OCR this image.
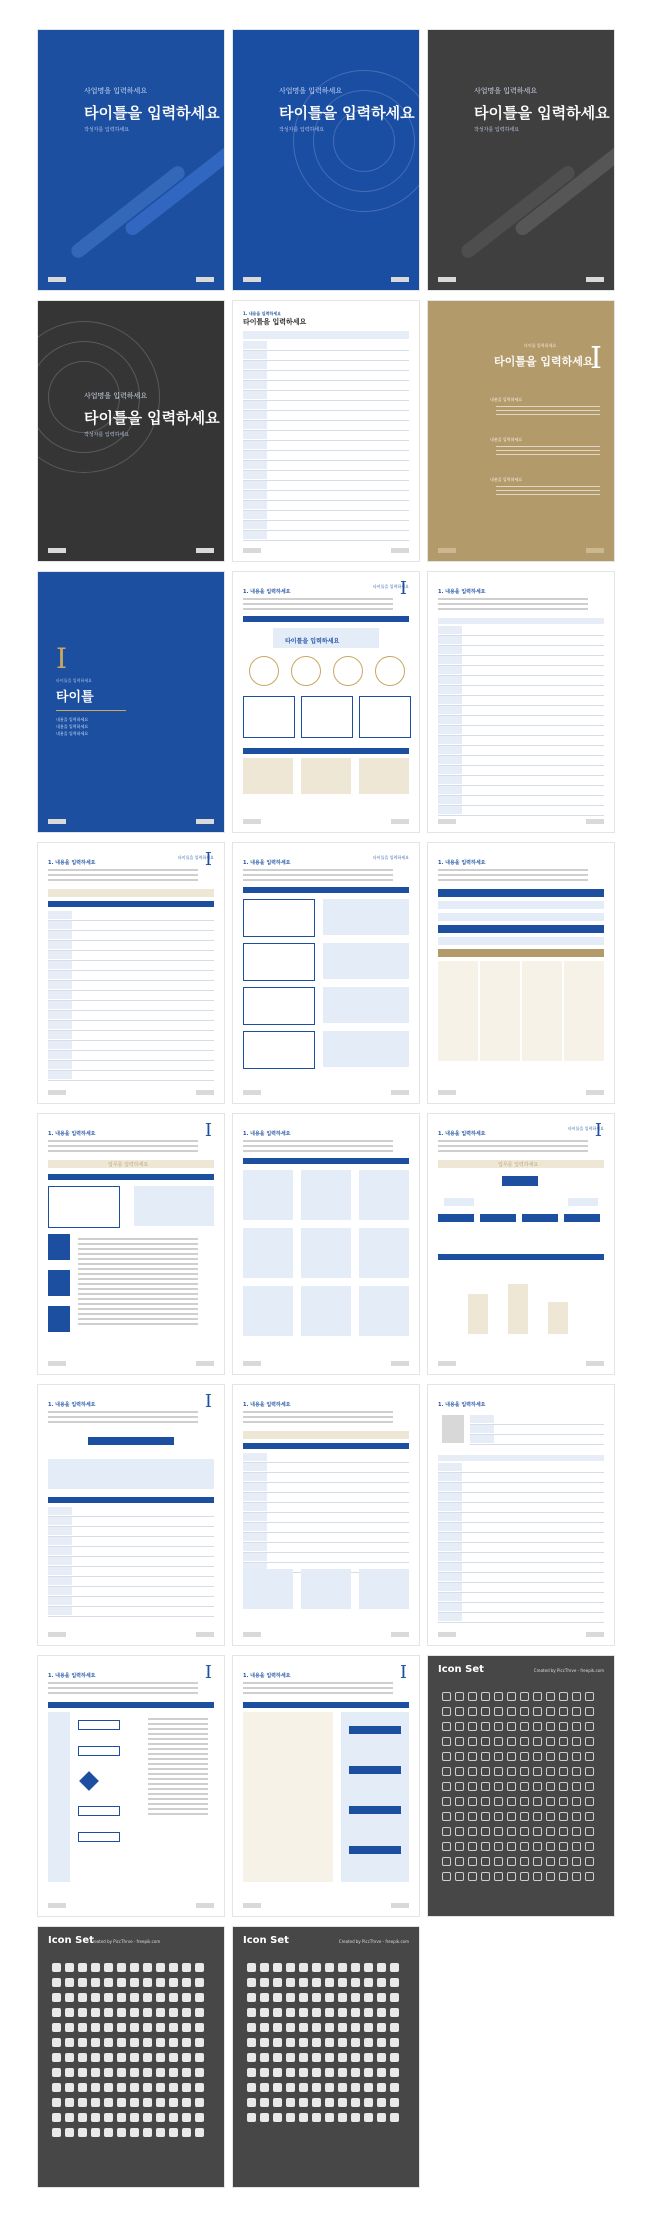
사업명을 입력하세요
타이틀을 입력하세요
작성자를 입력하세요
사업명을 입력하세요
타이틀을 입력하세요
작성자를 입력하세요
사업명을 입력하세요
타이틀을 입력하세요
작성자를 입력하세요
사업명을 입력하세요
타이틀을 입력하세요
작성자를 입력하세요
1. 내용을 입력하세요
타이틀을 입력하세요
타이틀 입력하세요
타이틀을 입력하세요
I
내용을 입력하세요
내용을 입력하세요
내용을 입력하세요
I
타이틀을 입력하세요
타이틀
내용을 입력하세요
내용을 입력하세요
내용을 입력하세요
타이틀을 입력하세요
I
1. 내용을 입력하세요
타이틀을 입력하세요
1. 내용을 입력하세요
타이틀을 입력하세요
I
1. 내용을 입력하세요
타이틀을 입력하세요
1. 내용을 입력하세요	1. 내용을 입력하세요
I
1. 내용을 입력하세요
업무를 입력하세요
1. 내용을 입력하세요
타이틀을 입력하세요
I
1. 내용을 입력하세요
업무를 입력하세요
I
1. 내용을 입력하세요	1. 내용을 입력하세요	1. 내용을 입력하세요
I
1. 내용을 입력하세요	I
1. 내용을 입력하세요
Icon Set	Created by PiccThrve - freepik.com
Icon Set
Created by PiccThrve - freepik.com	Icon Set	Created by PiccThrve - freepik.com
